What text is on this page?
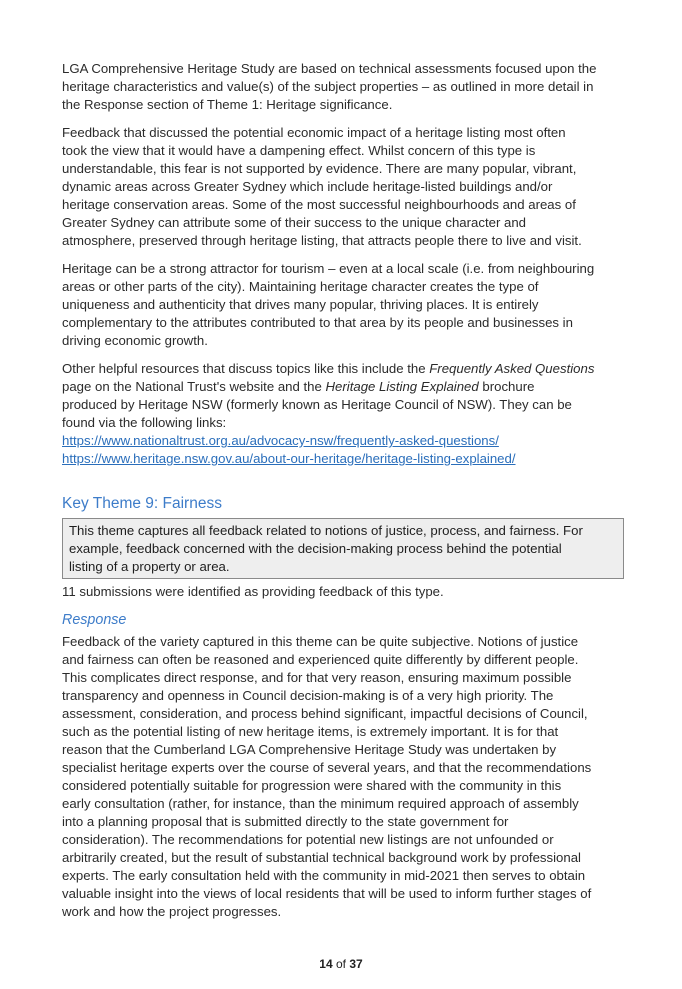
LGA Comprehensive Heritage Study are based on technical assessments focused upon the
heritage characteristics and value(s) of the subject properties – as outlined in more detail in
the Response section of Theme 1: Heritage significance.

Feedback that discussed the potential economic impact of a heritage listing most often
took the view that it would have a dampening effect. Whilst concern of this type is
understandable, this fear is not supported by evidence. There are many popular, vibrant,
dynamic areas across Greater Sydney which include heritage-listed buildings and/or
heritage conservation areas. Some of the most successful neighbourhoods and areas of
Greater Sydney can attribute some of their success to the unique character and
atmosphere, preserved through heritage listing, that attracts people there to live and visit.

Heritage can be a strong attractor for tourism – even at a local scale (i.e. from neighbouring
areas or other parts of the city). Maintaining heritage character creates the type of
uniqueness and authenticity that drives many popular, thriving places. It is entirely
complementary to the attributes contributed to that area by its people and businesses in
driving economic growth.

Other helpful resources that discuss topics like this include the Frequently Asked Questions
page on the National Trust's website and the Heritage Listing Explained brochure
produced by Heritage NSW (formerly known as Heritage Council of NSW). They can be
found via the following links:
https://www.nationaltrust.org.au/advocacy-nsw/frequently-asked-questions/
https://www.heritage.nsw.gov.au/about-our-heritage/heritage-listing-explained/

Key Theme 9: Fairness

This theme captures all feedback related to notions of justice, process, and fairness. For
example, feedback concerned with the decision-making process behind the potential
listing of a property or area.

11 submissions were identified as providing feedback of this type.

Response

Feedback of the variety captured in this theme can be quite subjective. Notions of justice
and fairness can often be reasoned and experienced quite differently by different people.
This complicates direct response, and for that very reason, ensuring maximum possible
transparency and openness in Council decision-making is of a very high priority. The
assessment, consideration, and process behind significant, impactful decisions of Council,
such as the potential listing of new heritage items, is extremely important. It is for that
reason that the Cumberland LGA Comprehensive Heritage Study was undertaken by
specialist heritage experts over the course of several years, and that the recommendations
considered potentially suitable for progression were shared with the community in this
early consultation (rather, for instance, than the minimum required approach of assembly
into a planning proposal that is submitted directly to the state government for
consideration). The recommendations for potential new listings are not unfounded or
arbitrarily created, but the result of substantial technical background work by professional
experts. The early consultation held with the community in mid-2021 then serves to obtain
valuable insight into the views of local residents that will be used to inform further stages of
work and how the project progresses.

14 of 37
